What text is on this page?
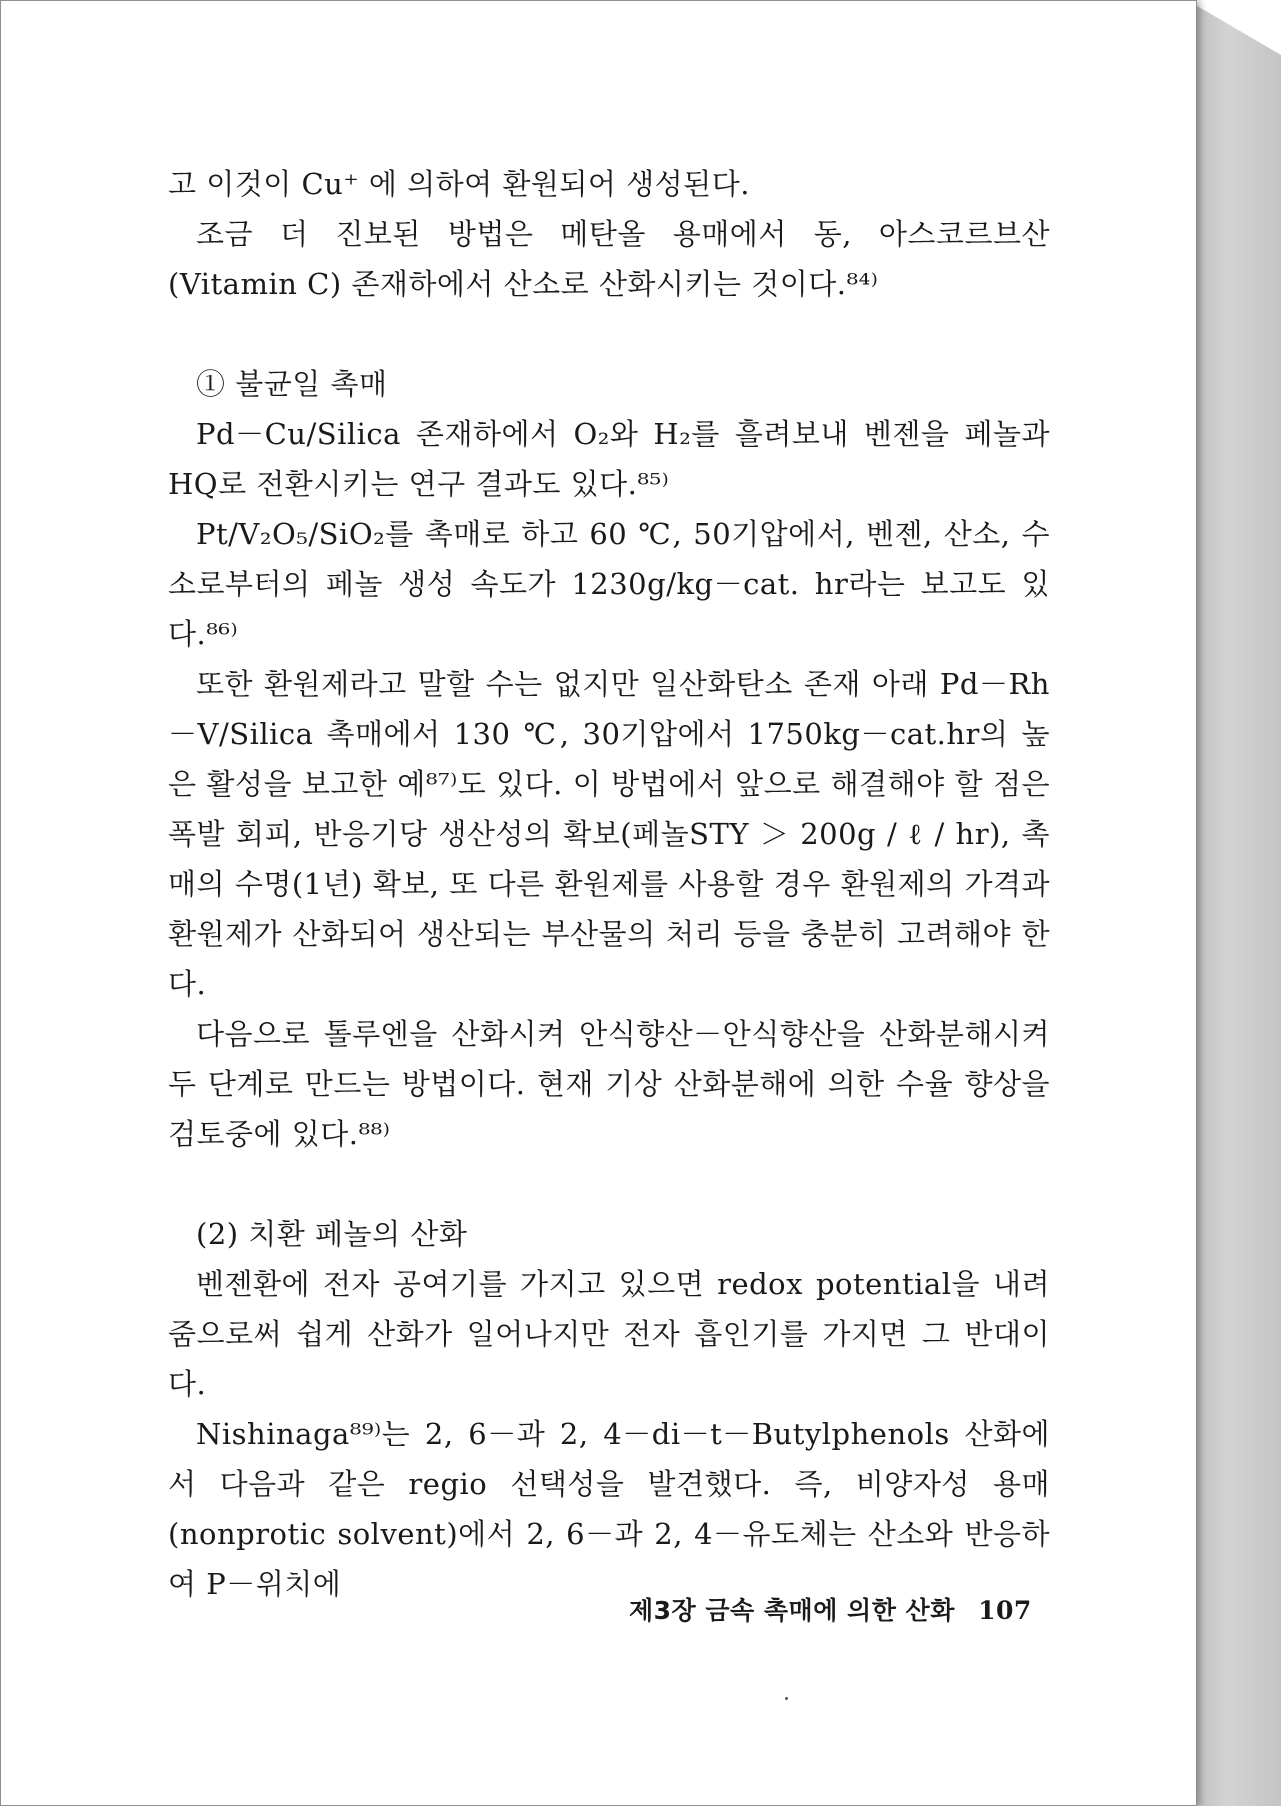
고 이것이 Cu⁺ 에 의하여 환원되어 생성된다.

조금 더 진보된 방법은 메탄올 용매에서 동, 아스코르브산(Vitamin C) 존재하에서 산소로 산화시키는 것이다.⁸⁴⁾

① 불균일 촉매

Pd－Cu/Silica 존재하에서 O₂와 H₂를 흘려보내 벤젠을 페놀과 HQ로 전환시키는 연구 결과도 있다.⁸⁵⁾

Pt/V₂O₅/SiO₂를 촉매로 하고 60 ℃, 50기압에서, 벤젠, 산소, 수소로부터의 페놀 생성 속도가 1230g/kg－cat. hr라는 보고도 있다.⁸⁶⁾

또한 환원제라고 말할 수는 없지만 일산화탄소 존재 아래 Pd－Rh－V/Silica 촉매에서 130 ℃, 30기압에서 1750kg－cat.hr의 높은 활성을 보고한 예⁸⁷⁾도 있다. 이 방법에서 앞으로 해결해야 할 점은 폭발 회피, 반응기당 생산성의 확보(페놀STY ＞ 200g / ℓ / hr), 촉매의 수명(1년) 확보, 또 다른 환원제를 사용할 경우 환원제의 가격과 환원제가 산화되어 생산되는 부산물의 처리 등을 충분히 고려해야 한다.

다음으로 톨루엔을 산화시켜 안식향산－안식향산을 산화분해시켜 두 단계로 만드는 방법이다. 현재 기상 산화분해에 의한 수율 향상을 검토중에 있다.⁸⁸⁾

(2) 치환 페놀의 산화

벤젠환에 전자 공여기를 가지고 있으면 redox potential을 내려줌으로써 쉽게 산화가 일어나지만 전자 흡인기를 가지면 그 반대이다.

Nishinaga⁸⁹⁾는 2, 6－과 2, 4－di－t－Butylphenols 산화에서 다음과 같은 regio 선택성을 발견했다. 즉, 비양자성 용매(nonprotic solvent)에서 2, 6－과 2, 4－유도체는 산소와 반응하여 P－위치에

제3장 금속 촉매에 의한 산화 107
